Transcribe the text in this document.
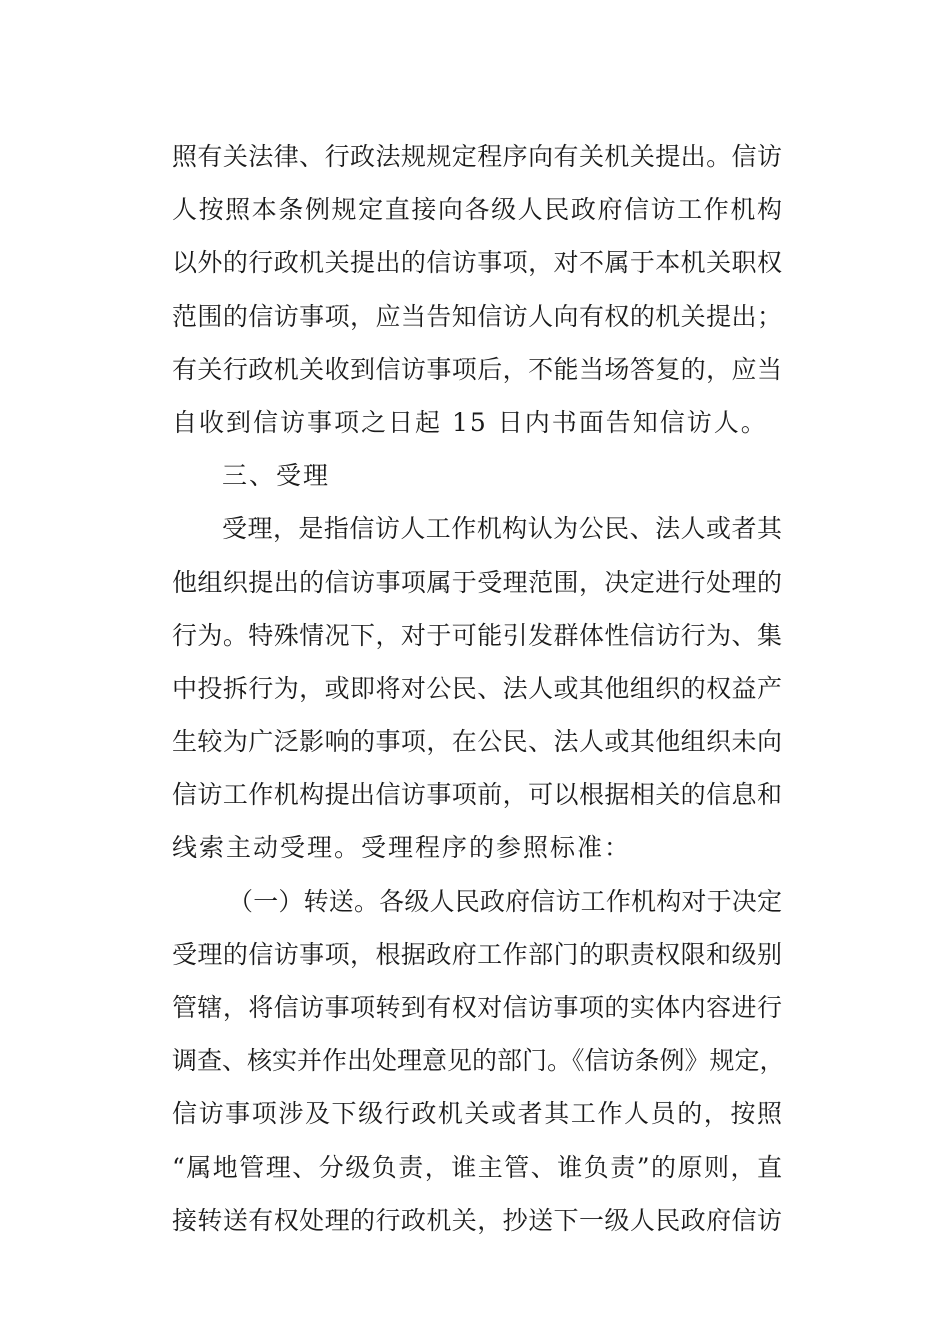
照有关法律、行政法规规定程序向有关机关提出。信访
人按照本条例规定直接向各级人民政府信访工作机构
以外的行政机关提出的信访事项，对不属于本机关职权
范围的信访事项，应当告知信访人向有权的机关提出；
有关行政机关收到信访事项后，不能当场答复的，应当
自收到信访事项之日起 15 日内书面告知信访人。
三、受理
受理，是指信访人工作机构认为公民、法人或者其
他组织提出的信访事项属于受理范围，决定进行处理的
行为。特殊情况下，对于可能引发群体性信访行为、集
中投拆行为，或即将对公民、法人或其他组织的权益产
生较为广泛影响的事项，在公民、法人或其他组织未向
信访工作机构提出信访事项前，可以根据相关的信息和
线索主动受理。受理程序的参照标准：
（一）转送。各级人民政府信访工作机构对于决定
受理的信访事项，根据政府工作部门的职责权限和级别
管辖，将信访事项转到有权对信访事项的实体内容进行
调查、核实并作出处理意见的部门。《信访条例》规定，
信访事项涉及下级行政机关或者其工作人员的，按照
“属地管理、分级负责，谁主管、谁负责”的原则，直
接转送有权处理的行政机关，抄送下一级人民政府信访
